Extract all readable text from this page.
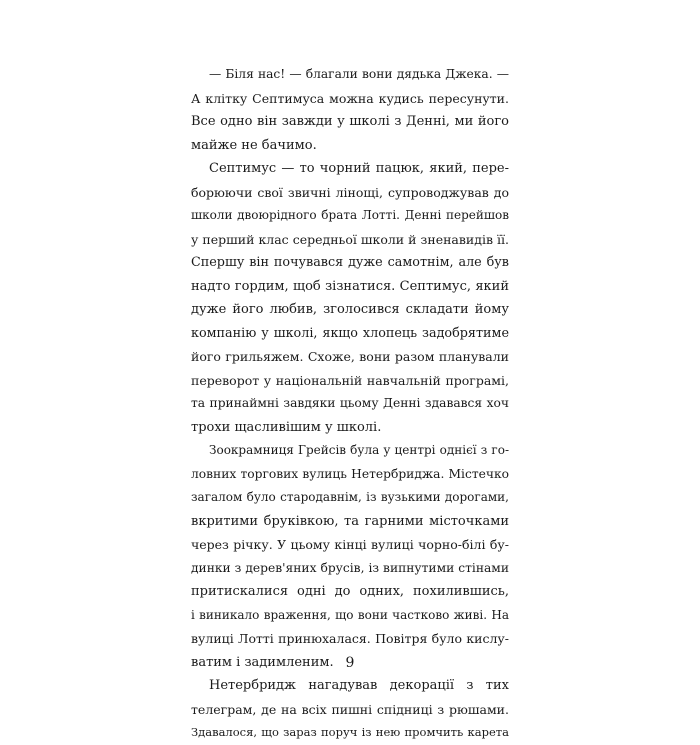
— Біля нас! — благали вони дядька Джека. —
А клітку Септимуса можна кудись пересунути.
Все одно він завжди у школі з Денні, ми його
майже не бачимо.
Септимус — то чорний пацюк, який, пере-
борюючи свої звичні лінощі, супроводжував до
школи двоюрідного брата Лотті. Денні перейшов
у перший клас середньої школи й зненавидів її.
Спершу він почувався дуже самотнім, але був
надто гордим, щоб зізнатися. Септимус, який
дуже його любив, зголосився складати йому
компанію у школі, якщо хлопець задобрятиме
його грильяжем. Схоже, вони разом планували
переворот у національній навчальній програмі,
та принаймні завдяки цьому Денні здавався хоч
трохи щасливішим у школі.
Зоокрамниця Грейсів була у центрі однієї з го-
ловних торгових вулиць Нетербриджа. Містечко
загалом було стародавнім, із вузькими дорогами,
вкритими бруківкою, та гарними місточками
через річку. У цьому кінці вулиці чорно-білі бу-
динки з дерев'яних брусів, із випнутими стінами
притискалися одні до одних, похилившись,
і виникало враження, що вони частково живі. На
вулиці Лотті принюхалася. Повітря було кислу-
ватим і задимленим.
Нетербридж нагадував декорації з тих
телеграм, де на всіх пишні спідниці з рюшами.
Здавалося, що зараз поруч із нею промчить карета
9
